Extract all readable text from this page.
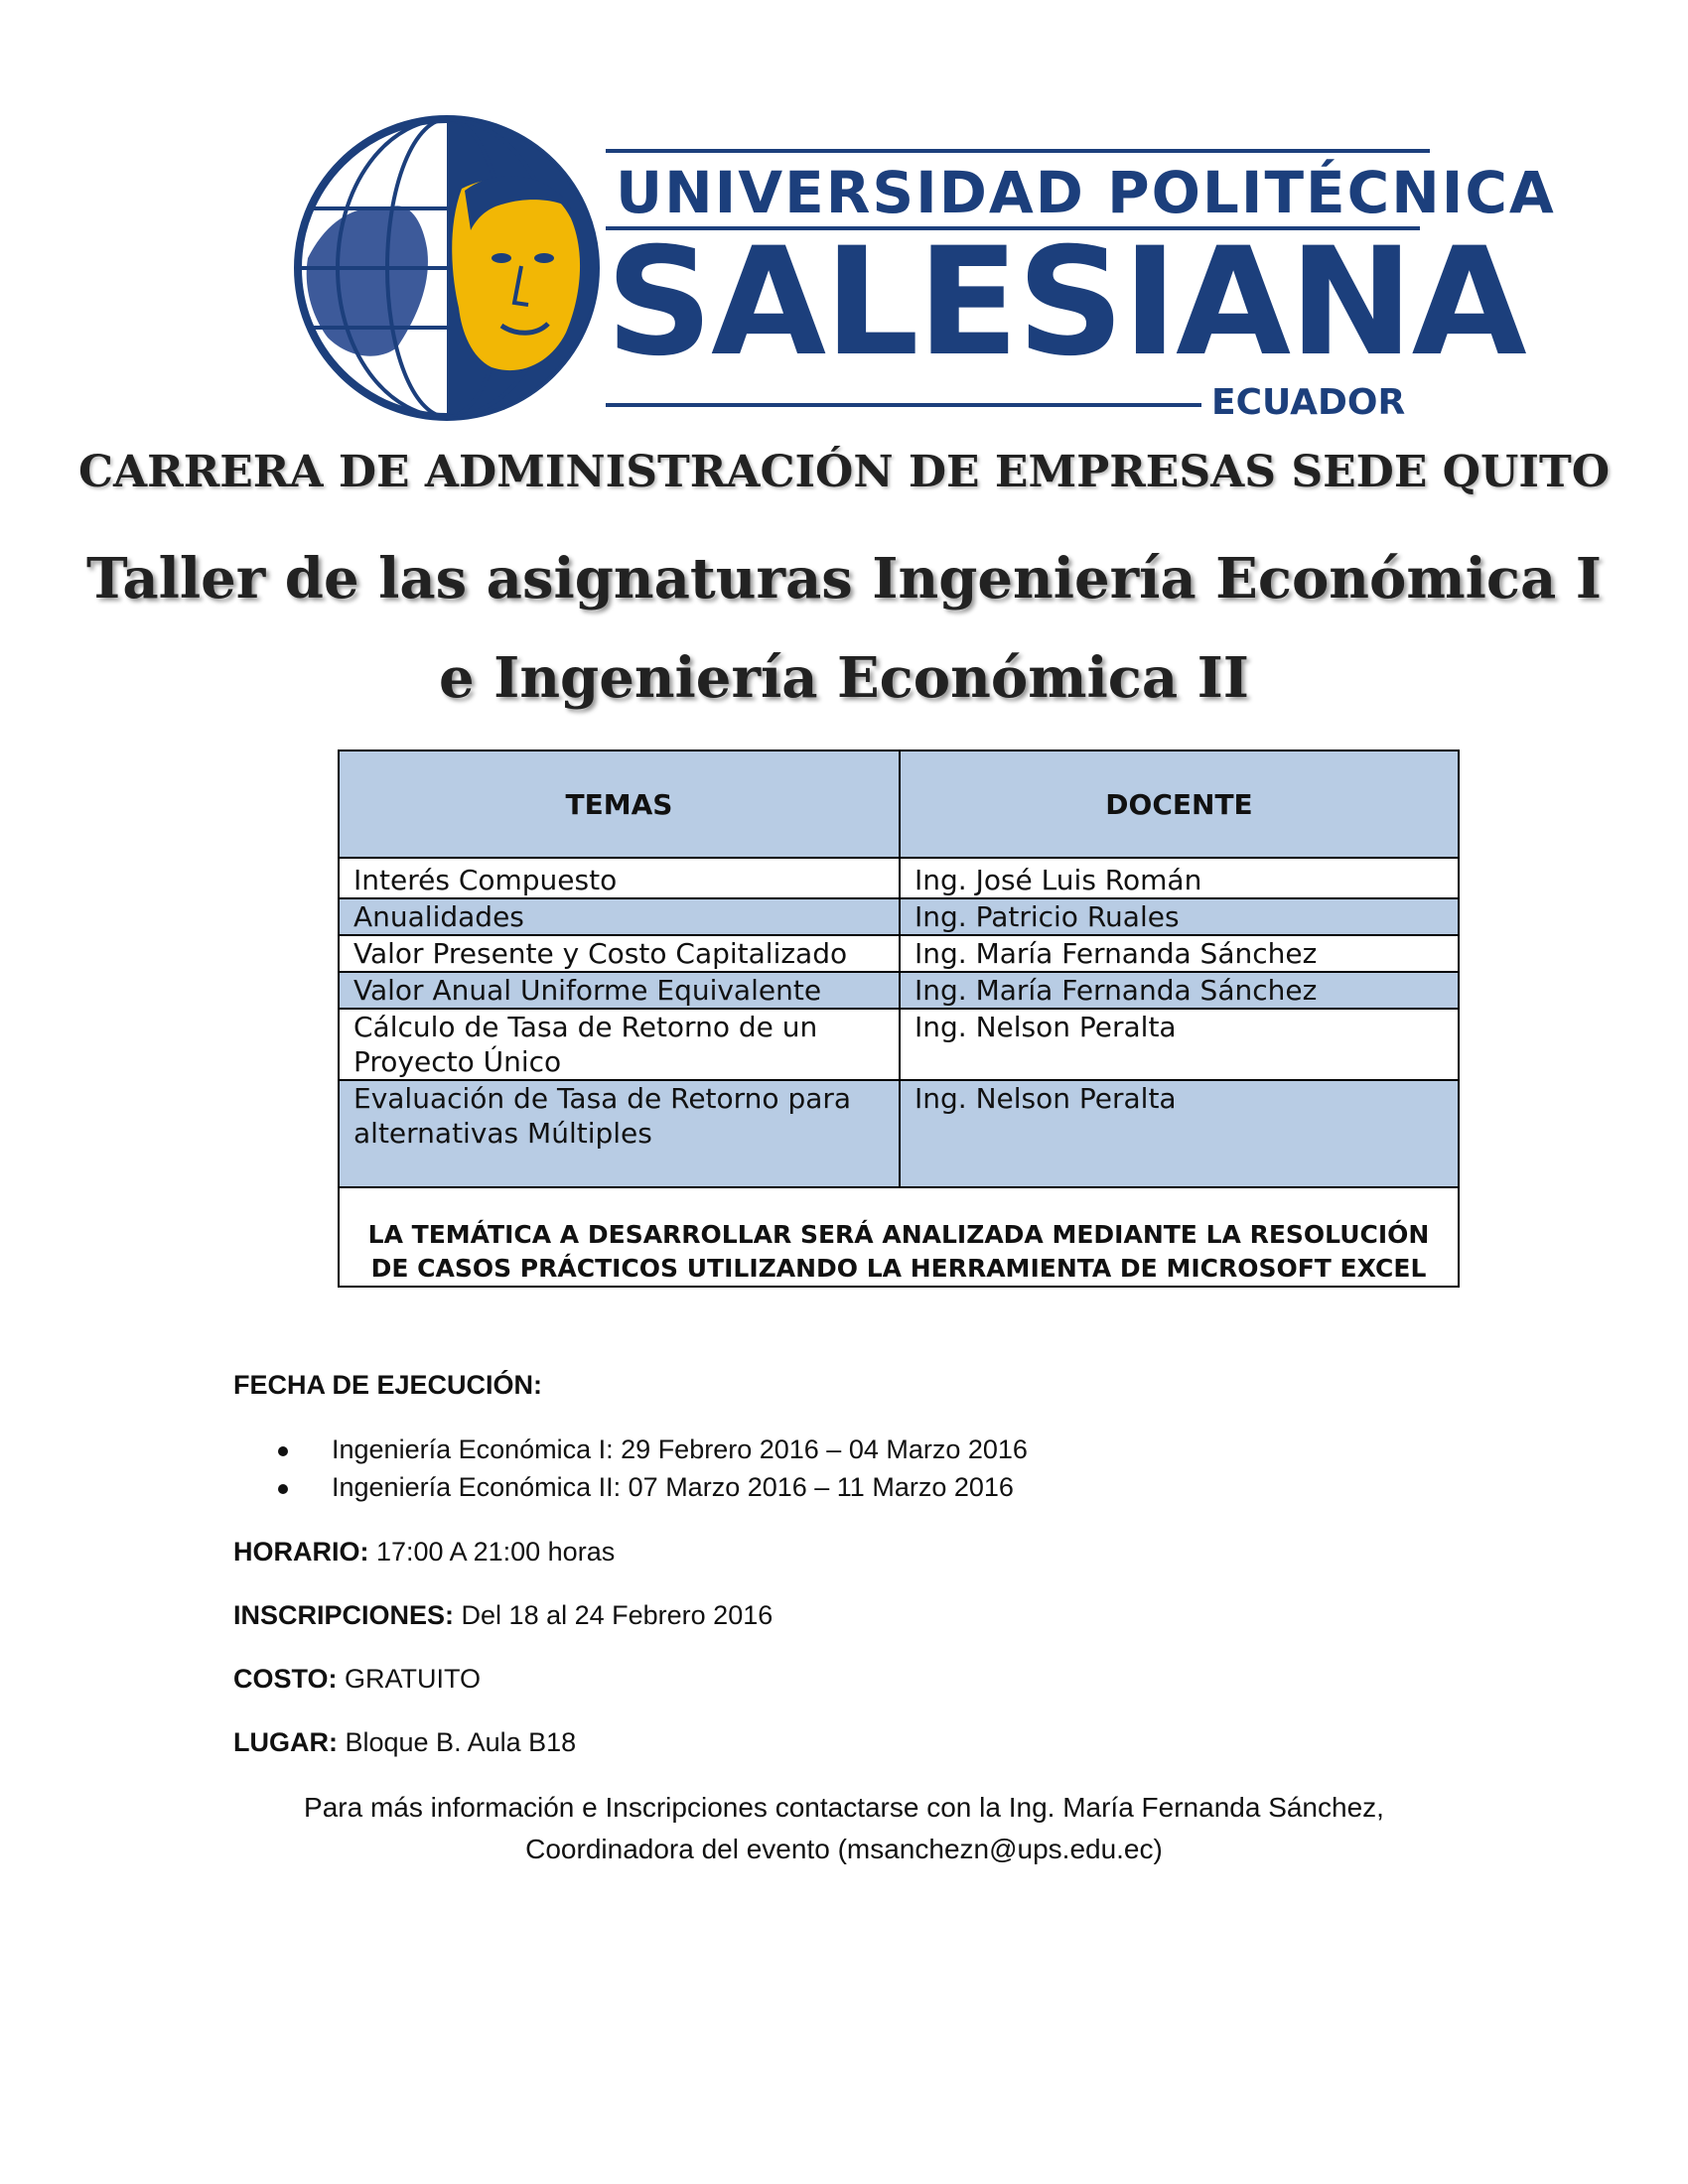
UNIVERSIDAD POLITÉCNICA
SALESIANA
ECUADOR
CARRERA DE ADMINISTRACIÓN DE EMPRESAS SEDE QUITO
Taller de las asignaturas Ingeniería Económica I
e Ingeniería Económica II
TEMAS	DOCENTE
Interés Compuesto	Ing. José Luis Román
Anualidades	Ing. Patricio Ruales
Valor Presente y Costo Capitalizado	Ing. María Fernanda Sánchez
Valor Anual Uniforme Equivalente	Ing. María Fernanda Sánchez
Cálculo de Tasa de Retorno de un Proyecto Único	Ing. Nelson Peralta
Evaluación de Tasa de Retorno para alternativas Múltiples	Ing. Nelson Peralta
LA TEMÁTICA A DESARROLLAR SERÁ ANALIZADA MEDIANTE LA RESOLUCIÓN DE CASOS PRÁCTICOS UTILIZANDO LA HERRAMIENTA DE MICROSOFT EXCEL	
FECHA DE EJECUCIÓN:
Ingeniería Económica I: 29 Febrero 2016 – 04 Marzo 2016
Ingeniería Económica II: 07 Marzo 2016 – 11 Marzo 2016
HORARIO: 17:00 A 21:00 horas
INSCRIPCIONES: Del 18 al 24 Febrero 2016
COSTO: GRATUITO
LUGAR: Bloque B. Aula B18
Para más información e Inscripciones contactarse con la Ing. María Fernanda Sánchez,
Coordinadora del evento (msanchezn@ups.edu.ec)
